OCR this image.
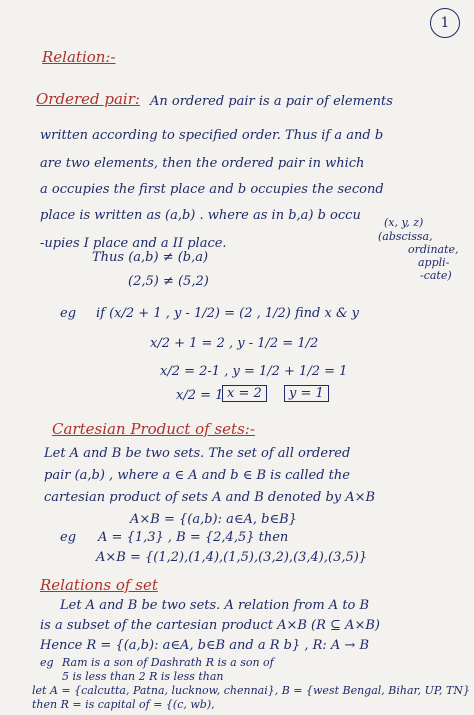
1
Relation:-
Ordered pair: An ordered pair is a pair of elements
written according to specified order. Thus if a and b
are two elements, then the ordered pair in which
a occupies the first place and b occupies the second
place is written as (a,b) . where as in b,a) b occu
-upies I place and a II place.
(x, y, z)
(abscissa,
ordinate,
appli-
-cate)
Thus (a,b) ≠ (b,a)
(2,5) ≠ (5,2)
eg if (x/2 + 1 , y - 1/2) = (2 , 1/2) find x & y
x/2 + 1 = 2 , y - 1/2 = 1/2
x/2 = 2-1 , y = 1/2 + 1/2 = 1
x/2 = 1 x = 2	y = 1
Cartesian Product of sets:-
Let A and B be two sets. The set of all ordered
pair (a,b) , where a ∈ A and b ∈ B is called the
cartesian product of sets A and B denoted by A×B
A×B = {(a,b): a∈A, b∈B}
eg A = {1,3} , B = {2,4,5} then
A×B = {(1,2),(1,4),(1,5),(3,2),(3,4),(3,5)}
Relations of set
Let A and B be two sets. A relation from A to B
is a subset of the cartesian product A×B (R ⊆ A×B)
Hence R = {(a,b): a∈A, b∈B and a R b} , R: A → B
eg Ram is a son of Dashrath R is a son of
5 is less than 2 R is less than
let A = {calcutta, Patna, lucknow, chennai}, B = {west Bengal, Bihar, UP, TN}
then R = is capital of = {(c, wb),
